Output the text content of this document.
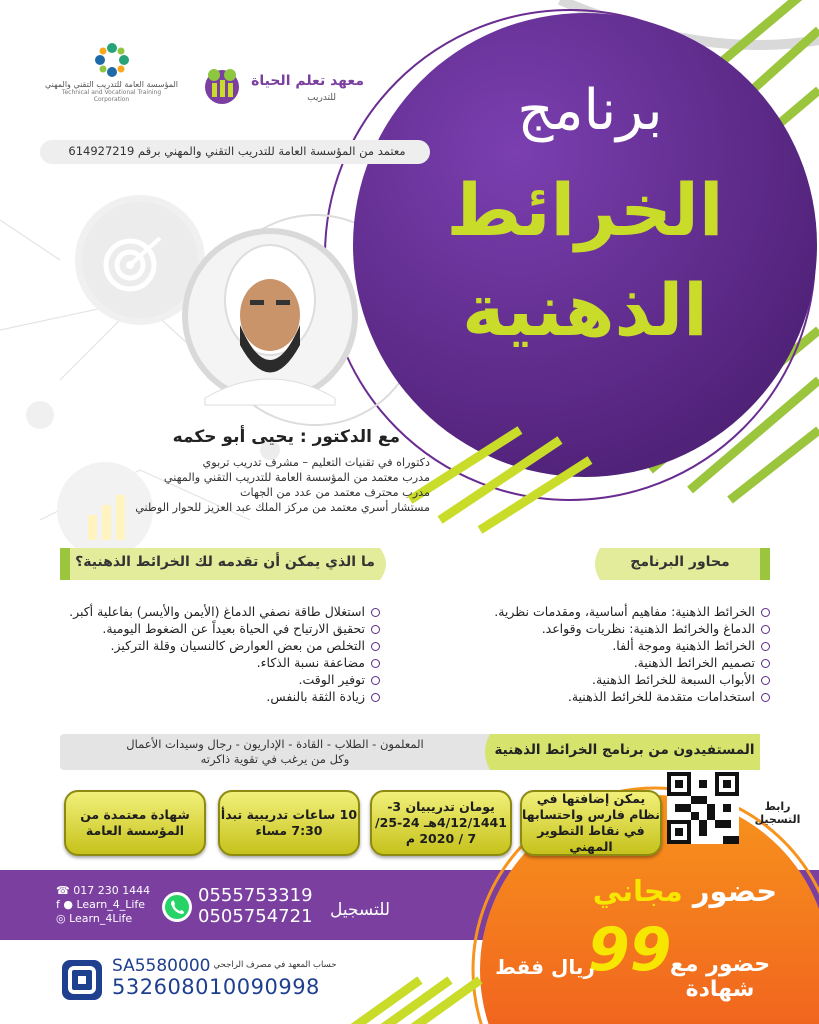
المؤسسة العامة للتدريب التقني والمهني
Technical and Vocational Training Corporation
معهد تعلم الحياة
للتدريب
معتمد من المؤسسة العامة للتدريب التقني والمهني برقم 614927219
برنامج
الخرائط
الذهنية
مع الدكتور : يحيى أبو حكمه
دكتوراه في تقنيات التعليم – مشرف تدريب تربوي
مدرب معتمد من المؤسسة العامة للتدريب التقني والمهني
مدرب محترف معتمد من عدد من الجهات
مستشار أسري معتمد من مركز الملك عبد العزيز للحوار الوطني
محاور البرنامج
ما الذي يمكن أن تقدمه لك الخرائط الذهنية؟
الخرائط الذهنية: مفاهيم أساسية، ومقدمات نظرية.
الدماغ والخرائط الذهنية: نظريات وقواعد.
الخرائط الذهنية وموجة ألفا.
تصميم الخرائط الذهنية.
الأبواب السبعة للخرائط الذهنية.
استخدامات متقدمة للخرائط الذهنية.
استغلال طاقة نصفي الدماغ (الأيمن والأيسر) بفاعلية أكبر.
تحقيق الارتياح في الحياة بعيداً عن الضغوط اليومية.
التخلص من بعض العوارض كالنسيان وقلة التركيز.
مضاعفة نسبة الذكاء.
توفير الوقت.
زيادة الثقة بالنفس.
المستفيدون من برنامج الخرائط الذهنية
المعلمون - الطلاب - القادة - الإداريون - رجال وسيدات الأعمال
وكل من يرغب في تقوية ذاكرته
رابط التسجيل
يمكن إضافتها في نظام فارس واحتسابها في نقاط التطوير المهني
يومان تدريبيان 3-4/12/1441هـ 24-25/ 7 / 2020 م
10 ساعات تدريبية تبدأ 7:30 مساء
شهادة معتمدة من المؤسسة العامة
☎ 017 230 1444
f ● Learn_4_Life
◎ Learn_4Life
0555753319
0505754721	للتسجيل
حضور مجاني
حضور مع شهادة
99
ريال فقط
حساب المعهد في مصرف الراجحي
SA5580000
532608010090998
